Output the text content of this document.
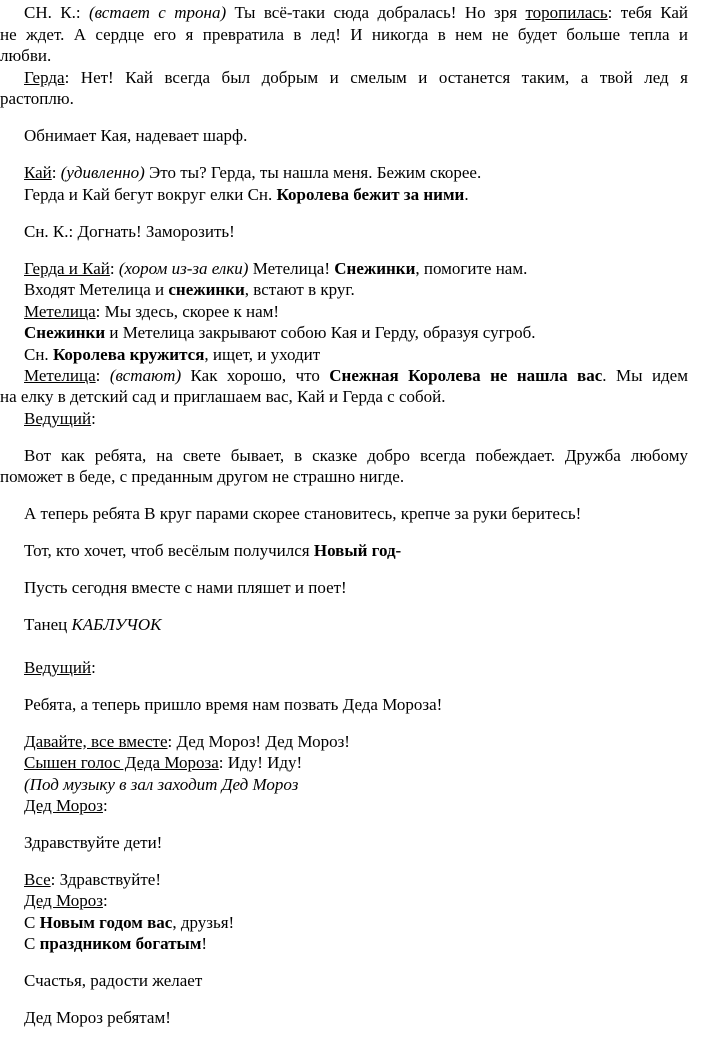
СН. К.: (встает с трона) Ты всё-таки сюда добралась! Но зря торопилась: тебя Кай
не ждет. А сердце его я превратила в лед! И никогда в нем не будет больше тепла и
любви.
Герда: Нет! Кай всегда был добрым и смелым и останется таким, а твой лед я
растоплю.
Обнимает Кая, надевает шарф.
Кай: (удивленно) Это ты? Герда, ты нашла меня. Бежим скорее.
Герда и Кай бегут вокруг елки Сн. Королева бежит за ними.
Сн. К.: Догнать! Заморозить!
Герда и Кай: (хором из-за елки) Метелица! Снежинки, помогите нам.
Входят Метелица и снежинки, встают в круг.
Метелица: Мы здесь, скорее к нам!
Снежинки и Метелица закрывают собою Кая и Герду, образуя сугроб.
Сн. Королева кружится, ищет, и уходит
Метелица: (встают) Как хорошо, что Снежная Королева не нашла вас. Мы идем
на елку в детский сад и приглашаем вас, Кай и Герда с собой.
Ведущий:
Вот как ребята, на свете бывает, в сказке добро всегда побеждает. Дружба любому
поможет в беде, с преданным другом не страшно нигде.
А теперь ребята В круг парами скорее становитесь, крепче за руки беритесь!
Тот, кто хочет, чтоб весёлым получился Новый год-
Пусть сегодня вместе с нами пляшет и поет!
Танец КАБЛУЧОК
Ведущий:
Ребята, а теперь пришло время нам позвать Деда Мороза!
Давайте, все вместе: Дед Мороз! Дед Мороз!
Сышен голос Деда Мороза: Иду! Иду!
(Под музыку в зал заходит Дед Мороз
Дед Мороз:
Здравствуйте дети!
Все: Здравствуйте!
Дед Мороз:
С Новым годом вас, друзья!
С праздником богатым!
Счастья, радости желает
Дед Мороз ребятам!
